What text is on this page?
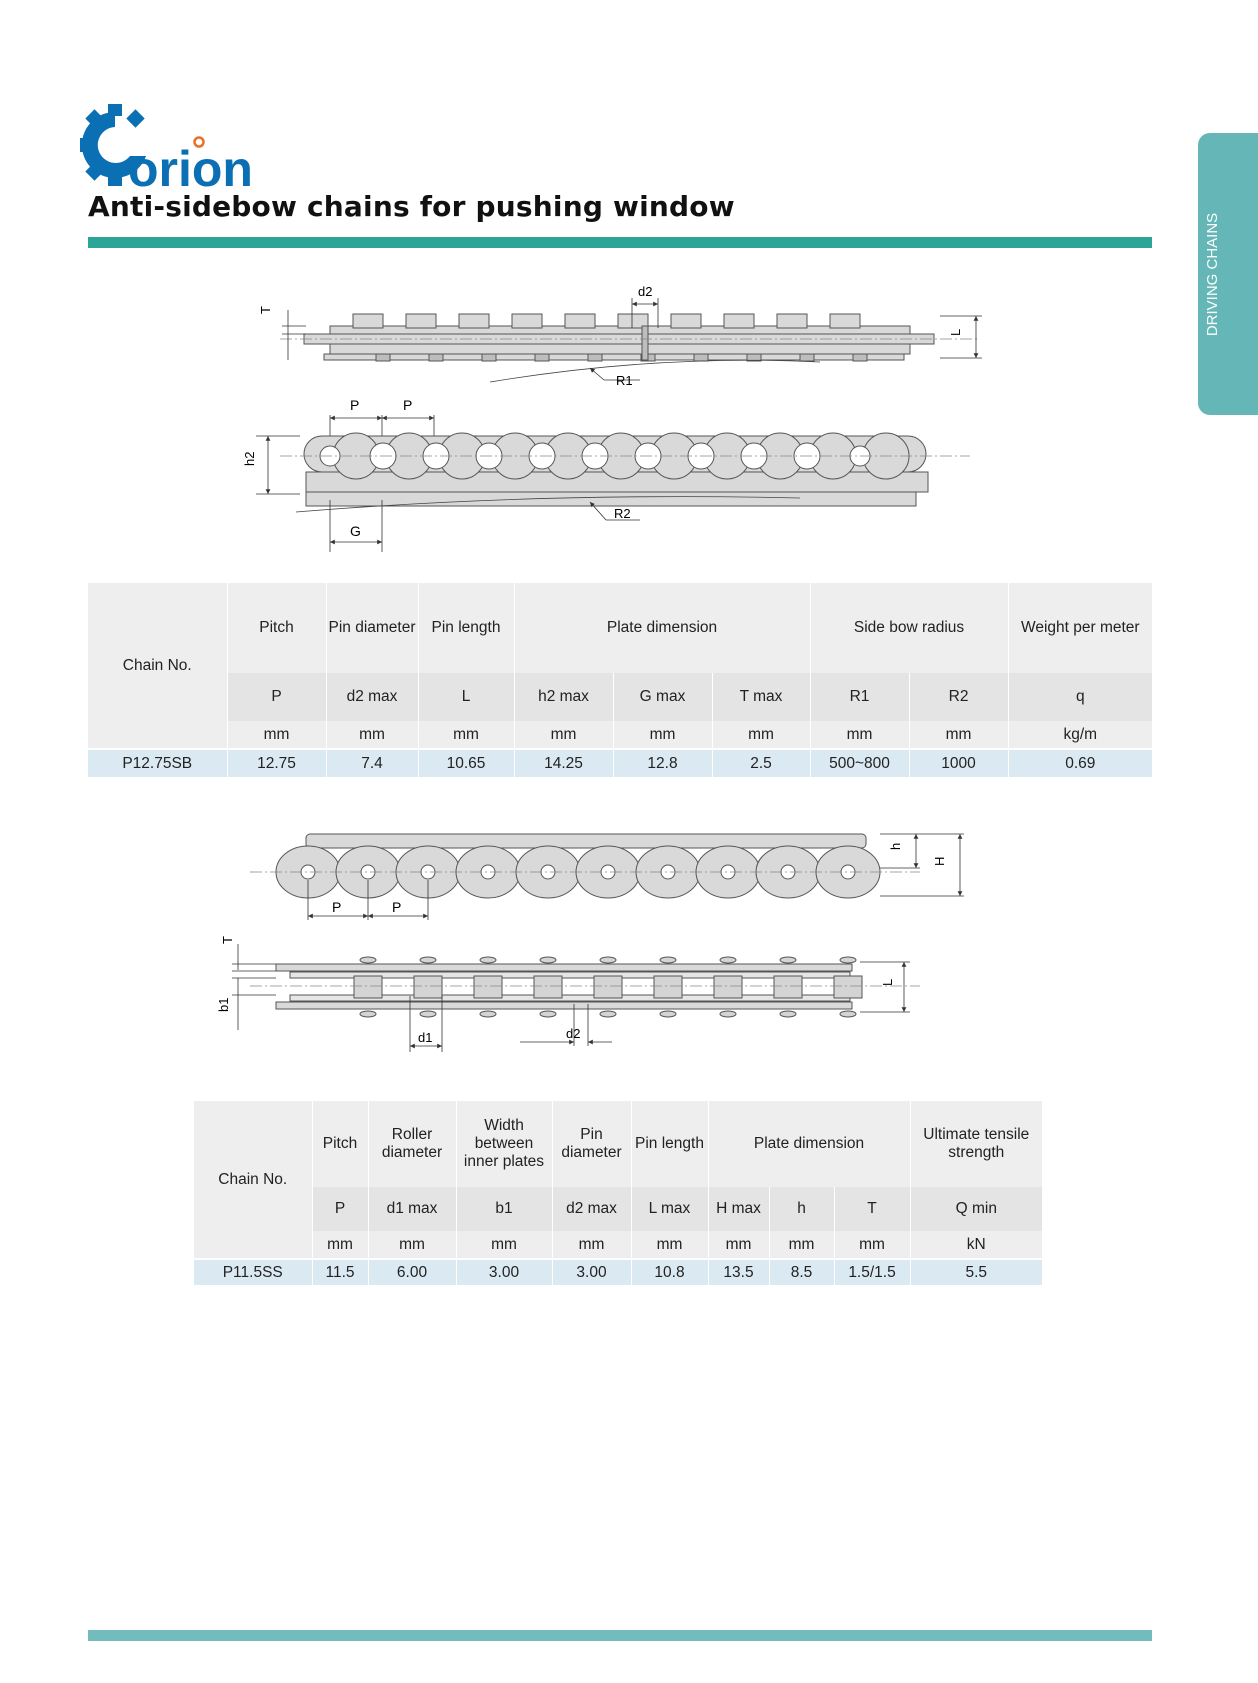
orion
Anti-sidebow chains for pushing window
DRIVING CHAINS
T
d2
L
R1
P	P
h2
R2
G
Chain No.	Pitch	Pin diameter	Pin length	Plate dimension			Side bow radius		Weight per meter
	P	d2 max	L	h2 max	G max	T max	R1	R2	q
	mm	mm	mm	mm	mm	mm	mm	mm	kg/m
P12.75SB	12.75	7.4	10.65	14.25	12.8	2.5	500~800	1000	0.69
h
H
P	P
T
b1
L
d1	d2
Chain No.	Pitch	Roller diameter	Width between inner plates	Pin diameter	Pin length	Plate dimension			Ultimate tensile strength
	P	d1 max	b1	d2 max	L max	H max	h	T	Q min
	mm	mm	mm	mm	mm	mm	mm	mm	kN
P11.5SS	11.5	6.00	3.00	3.00	10.8	13.5	8.5	1.5/1.5	5.5
